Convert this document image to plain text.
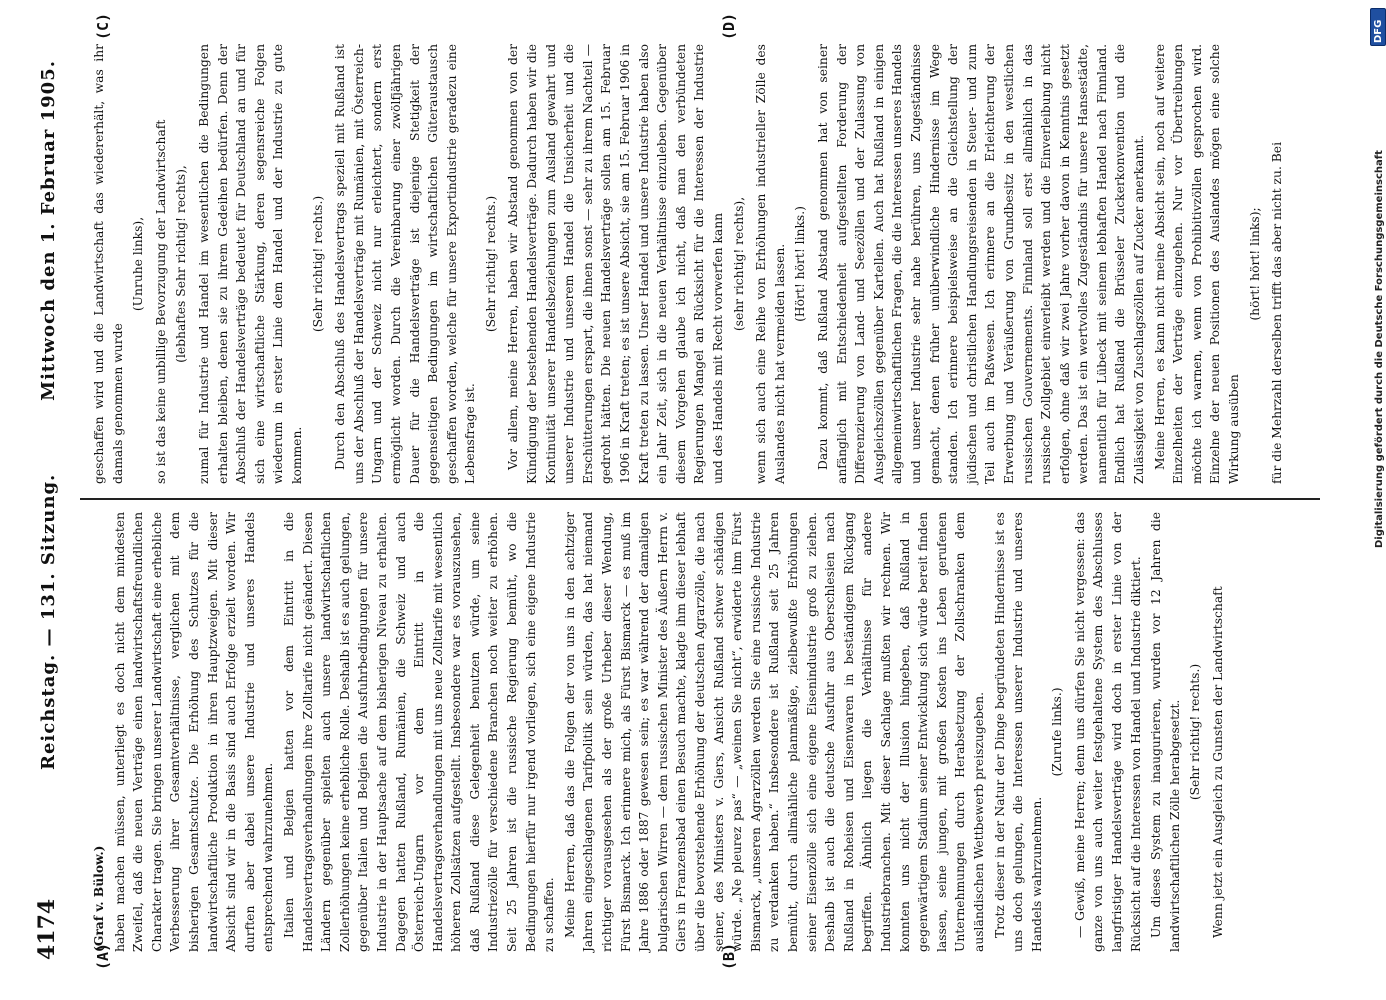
4174
Reichstag. — 131. Sitzung.
Mittwoch den 1. Februar 1905.
(A)	(B)
(C)	(D)

(Graf v. Bülow.) haben machen müssen, unterliegt es doch nicht dem mindesten Zweifel, daß die neuen Verträge einen landwirtschaftsfreundlichen Charakter tragen. Sie bringen unserer Landwirtschaft eine erhebliche Verbesserung ihrer Gesamtverhältnisse, verglichen mit dem bisherigen Gesamtschutze. Die Erhöhung des Schutzes für die landwirtschaftliche Produktion in ihren Hauptzweigen. Mit dieser Absicht sind wir in die Basis sind auch Erfolge erzielt worden. Wir durften aber dabei unsere Industrie und unseres Handels entsprechend wahrzunehmen. Italien und Belgien hatten vor dem Eintritt in die Handelsvertragsverhandlungen ihre Zolltarife nicht geändert. Diesen Ländern gegenüber spielten auch unsere landwirtschaftlichen Zollerhöhungen keine erhebliche Rolle. Deshalb ist es auch gelungen, gegenüber Italien und Belgien die Ausfuhrbedingungen für unsere Industrie in der Hauptsache auf dem bisherigen Niveau zu erhalten. Dagegen hatten Rußland, Rumänien, die Schweiz und auch Österreich-Ungarn vor dem Eintritt in die Handelsvertragsverhandlungen mit uns neue Zolltarife mit wesentlich höheren Zollsätzen aufgestellt. Insbesondere war es vorauszusehen, daß Rußland diese Gelegenheit benutzen würde, um seine Industriezölle für verschiedene Branchen noch weiter zu erhöhen. Seit 25 Jahren ist die russische Regierung bemüht, wo die Bedingungen hierfür nur irgend vorliegen, sich eine eigene Industrie zu schaffen. Meine Herren, daß das die Folgen der von uns in den achtziger Jahren eingeschlagenen Tarifpolitik sein würden, das hat niemand richtiger vorausgesehen als der große Urheber dieser Wendung, Fürst Bismarck. Ich erinnere mich, als Fürst Bismarck — es muß im Jahre 1886 oder 1887 gewesen sein; es war während der damaligen bulgarischen Wirren — dem russischen Minister des Äußern Herrn v. Giers in Franzensbad einen Besuch machte, klagte ihm dieser lebhaft über die bevorstehende Erhöhung der deutschen Agrarzölle, die nach seiner, des Ministers v. Giers, Ansicht Rußland schwer schädigen würde. „Ne pleurez pas“ — „weinen Sie nicht“, erwiderte ihm Fürst Bismarck, „unseren Agrarzöllen werden Sie eine russische Industrie zu verdanken haben.“ Insbesondere ist Rußland seit 25 Jahren bemüht, durch allmähliche planmäßige, zielbewußte Erhöhungen seiner Eisenzölle sich eine eigene Eisenindustrie groß zu ziehen. Deshalb ist auch die deutsche Ausfuhr aus Oberschlesien nach Rußland in Roheisen und Eisenwaren in beständigem Rückgang begriffen. Ähnlich liegen die Verhältnisse für andere Industriebranchen. Mit dieser Sachlage mußten wir rechnen. Wir konnten uns nicht der Illusion hingeben, daß Rußland in gegenwärtigem Stadium seiner Entwicklung sich würde bereit finden lassen, seine jungen, mit großen Kosten ins Leben gerufenen Unternehmungen durch Herabsetzung der Zollschranken dem ausländischen Wettbewerb preiszugeben. Trotz dieser in der Natur der Dinge begründeten Hindernisse ist es uns doch gelungen, die Interessen unserer Industrie und unseres Handels wahrzunehmen.

(Zurufe links.) — Gewiß, meine Herren; denn uns dürfen Sie nicht vergessen: das ganze von uns auch weiter festgehaltene System des Abschlusses langfristiger Handelsverträge wird doch in erster Linie von der Rücksicht auf die Interessen von Handel und Industrie diktiert. Um dieses System zu inaugurieren, wurden vor 12 Jahren die landwirtschaftlichen Zölle herabgesetzt. (Sehr richtig! rechts.) Wenn jetzt ein Ausgleich zu Gunsten der Landwirtschaft

geschaffen wird und die Landwirtschaft das wiedererhält, was ihr damals genommen wurde

(Unruhe links), so ist das keine unbillige Bevorzugung der Landwirtschaft (lebhaftes Sehr richtig! rechts), zumal für Industrie und Handel im wesentlichen die Bedingungen erhalten bleiben, denen sie zu ihrem Gedeihen bedürfen. Denn der Abschluß der Handelsverträge bedeutet für Deutschland an und für sich eine wirtschaftliche Stärkung, deren segensreiche Folgen wiederum in erster Linie dem Handel und der Industrie zu gute kommen.

(Sehr richtig! rechts.) Durch den Abschluß des Handelsvertrags speziell mit Rußland ist uns der Abschluß der Handelsverträge mit Rumänien, mit Österreich-Ungarn und der Schweiz nicht nur erleichtert, sondern erst ermöglicht worden. Durch die Vereinbarung einer zwölfjährigen Dauer für die Handelsverträge ist diejenige Stetigkeit der gegenseitigen Bedingungen im wirtschaftlichen Güteraustausch geschaffen worden, welche für unsere Exportindustrie geradezu eine Lebensfrage ist.

(Sehr richtig! rechts.) Vor allem, meine Herren, haben wir Abstand genommen von der Kündigung der bestehenden Handelsverträge. Dadurch haben wir die Kontinuität unserer Handelsbeziehungen zum Ausland gewahrt und unserer Industrie und unserem Handel die Unsicherheit und die Erschütterungen erspart, die ihnen sonst — sehr zu ihrem Nachteil — gedroht hätten. Die neuen Handelsverträge sollen am 15. Februar 1906 in Kraft treten; es ist unsere Absicht, sie am 15. Februar 1906 in Kraft treten zu lassen. Unser Handel und unsere Industrie haben also ein Jahr Zeit, sich in die neuen Verhältnisse einzuleben. Gegenüber diesem Vorgehen glaube ich nicht, daß man den verbündeten Regierungen Mangel an Rücksicht für die Interessen der Industrie und des Handels mit Recht vorwerfen kann (sehr richtig! rechts), wenn sich auch eine Reihe von Erhöhungen industrieller Zölle des Auslandes nicht hat vermeiden lassen. (Hört! hört! links.) Dazu kommt, daß Rußland Abstand genommen hat von seiner anfänglich mit Entschiedenheit aufgestellten Forderung der Differenzierung von Land- und Seezöllen und der Zulassung von Ausgleichszöllen gegenüber Kartellen. Auch hat Rußland in einigen allgemeinwirtschaftlichen Fragen, die die Interessen unseres Handels und unserer Industrie sehr nahe berühren, uns Zugeständnisse gemacht, denen früher unüberwindliche Hindernisse im Wege standen. Ich erinnere beispielsweise an die Gleichstellung der jüdischen und christlichen Handlungsreisenden in Steuer- und zum Teil auch im Paßwesen. Ich erinnere an die Erleichterung der Erwerbung und Veräußerung von Grundbesitz in den westlichen russischen Gouvernements. Finnland soll erst allmählich in das russische Zollgebiet einverleibt werden und die Einverleibung nicht erfolgen, ohne daß wir zwei Jahre vorher davon in Kenntnis gesetzt werden. Das ist ein wertvolles Zugeständnis für unsere Hansestädte, namentlich für Lübeck mit seinem lebhaften Handel nach Finnland. Endlich hat Rußland die Brüsseler Zuckerkonvention und die Zulässigkeit von Zuschlagszöllen auf Zucker anerkannt. Meine Herren, es kann nicht meine Absicht sein, noch auf weitere Einzelheiten der Verträge einzugehen. Nur vor Übertreibungen möchte ich warnen, wenn von Prohibitivzöllen gesprochen wird. Einzelne der neuen Positionen des Auslandes mögen eine solche Wirkung ausüben

(hört! hört! links); für die Mehrzahl derselben trifft das aber nicht zu. Bei

DFG
Digitalisierung gefördert durch die Deutsche Forschungsgemeinschaft
